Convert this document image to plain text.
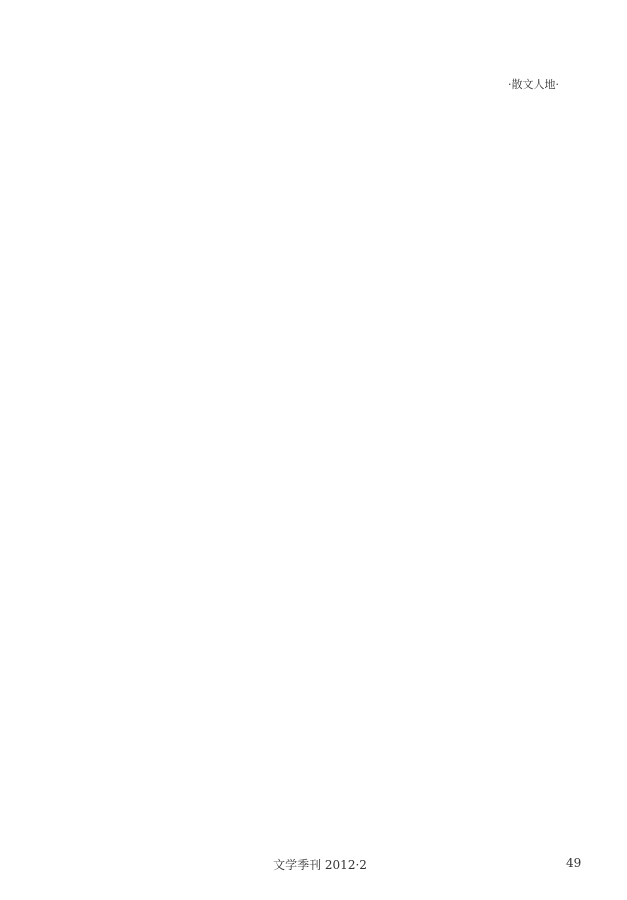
·散文人地·
文学季刊 2012·2	49
